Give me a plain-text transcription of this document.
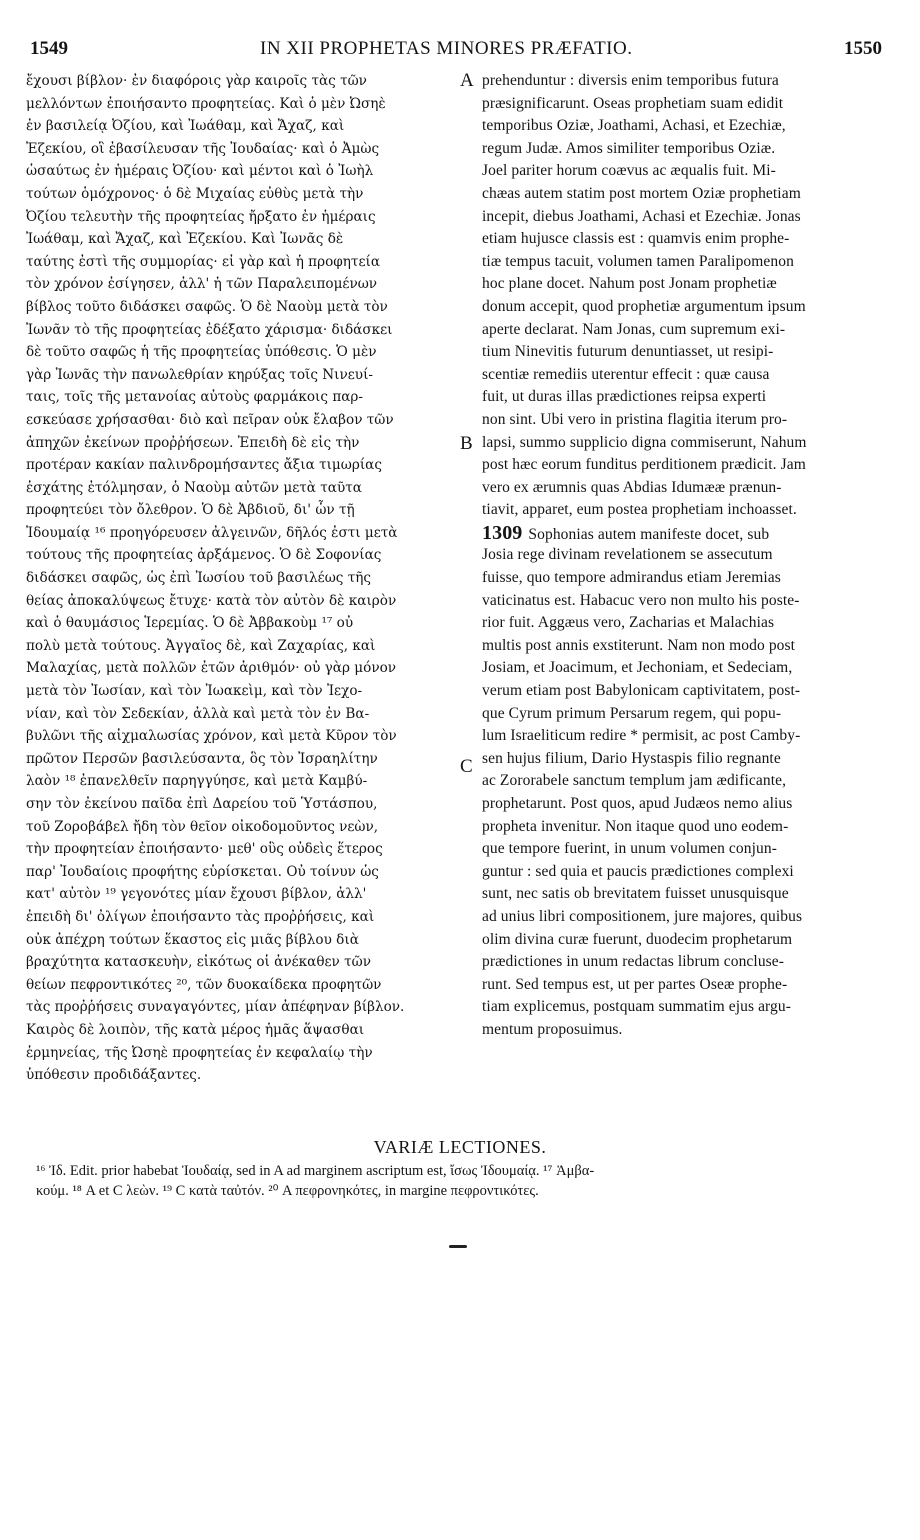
1549	IN XII PROPHETAS MINORES PRÆFATIO.	1550
ἔχουσι βίβλον· ἐν διαφόροις γὰρ καιροῖς τὰς τῶν
μελλόντων ἐποιήσαντο προφητείας. Καὶ ὁ μὲν Ὠσηὲ
ἐν βασιλείᾳ Ὀζίου, καὶ Ἰωάθαμ, καὶ Ἄχαζ, καὶ
Ἐζεκίου, οἳ ἐβασίλευσαν τῆς Ἰουδαίας· καὶ ὁ Ἀμὼς
ὡσαύτως ἐν ἡμέραις Ὀζίου· καὶ μέντοι καὶ ὁ Ἰωὴλ
τούτων ὁμόχρονος· ὁ δὲ Μιχαίας εὐθὺς μετὰ τὴν
Ὀζίου τελευτὴν τῆς προφητείας ἤρξατο ἐν ἡμέραις
Ἰωάθαμ, καὶ Ἄχαζ, καὶ Ἐζεκίου. Καὶ Ἰωνᾶς δὲ
ταύτης ἐστὶ τῆς συμμορίας· εἰ γὰρ καὶ ἡ προφητεία
τὸν χρόνον ἐσίγησεν, ἀλλ' ἡ τῶν Παραλειπομένων
βίβλος τοῦτο διδάσκει σαφῶς. Ὁ δὲ Ναοὺμ μετὰ τὸν
Ἰωνᾶν τὸ τῆς προφητείας ἐδέξατο χάρισμα· διδάσκει
δὲ τοῦτο σαφῶς ἡ τῆς προφητείας ὑπόθεσις. Ὁ μὲν
γὰρ Ἰωνᾶς τὴν πανωλεθρίαν κηρύξας τοῖς Νινευί-
ταις, τοῖς τῆς μετανοίας αὐτοὺς φαρμάκοις παρ-
εσκεύασε χρήσασθαι· διὸ καὶ πεῖραν οὐκ ἔλαβον τῶν
ἀπηχῶν ἐκείνων προῤῥήσεων. Ἐπειδὴ δὲ εἰς τὴν
προτέραν κακίαν παλινδρομήσαντες ἄξια τιμωρίας
ἐσχάτης ἐτόλμησαν, ὁ Ναοὺμ αὐτῶν μετὰ ταῦτα
προφητεύει τὸν ὄλεθρον. Ὁ δὲ Ἀβδιοῦ, δι' ὧν τῇ
Ἰδουμαίᾳ ¹⁶ προηγόρευσεν ἀλγεινῶν, δῆλός ἐστι μετὰ
τούτους τῆς προφητείας ἀρξάμενος. Ὁ δὲ Σοφονίας
διδάσκει σαφῶς, ὡς ἐπὶ Ἰωσίου τοῦ βασιλέως τῆς
θείας ἀποκαλύψεως ἔτυχε· κατὰ τὸν αὐτὸν δὲ καιρὸν
καὶ ὁ θαυμάσιος Ἱερεμίας. Ὁ δὲ Ἀββακοὺμ ¹⁷ οὐ
πολὺ μετὰ τούτους. Ἀγγαῖος δὲ, καὶ Ζαχαρίας, καὶ
Μαλαχίας, μετὰ πολλῶν ἐτῶν ἀριθμόν· οὐ γὰρ μόνον
μετὰ τὸν Ἰωσίαν, καὶ τὸν Ἰωακεὶμ, καὶ τὸν Ἰεχο-
νίαν, καὶ τὸν Σεδεκίαν, ἀλλὰ καὶ μετὰ τὸν ἐν Βα-
βυλῶνι τῆς αἰχμαλωσίας χρόνον, καὶ μετὰ Κῦρον τὸν
πρῶτον Περσῶν βασιλεύσαντα, ὃς τὸν Ἰσραηλίτην
λαὸν ¹⁸ ἐπανελθεῖν παρηγγύησε, καὶ μετὰ Καμβύ-
σην τὸν ἐκείνου παῖδα ἐπὶ Δαρείου τοῦ Ὑστάσπου,
τοῦ Ζοροβάβελ ἤδη τὸν θεῖον οἰκοδομοῦντος νεὼν,
τὴν προφητείαν ἐποιήσαντο· μεθ' οὓς οὐδεὶς ἕτερος
παρ' Ἰουδαίοις προφήτης εὑρίσκεται. Οὐ τοίνυν ὡς
κατ' αὐτὸν ¹⁹ γεγονότες μίαν ἔχουσι βίβλον, ἀλλ'
ἐπειδὴ δι' ὀλίγων ἐποιήσαντο τὰς προῤῥήσεις, καὶ
οὐκ ἀπέχρη τούτων ἕκαστος εἰς μιᾶς βίβλου διὰ
βραχύτητα κατασκευὴν, εἰκότως οἱ ἀνέκαθεν τῶν
θείων πεφροντικότες ²⁰, τῶν δυοκαίδεκα προφητῶν
τὰς προῤῥήσεις συναγαγόντες, μίαν ἀπέφηναν βίβλον.
Καιρὸς δὲ λοιπὸν, τῆς κατὰ μέρος ἡμᾶς ἅψασθαι
ἑρμηνείας, τῆς Ὠσηὲ προφητείας ἐν κεφαλαίῳ τὴν
ὑπόθεσιν προδιδάξαντες.
A
B
C
prehenduntur : diversis enim temporibus futura
præsignificarunt. Oseas prophetiam suam edidit
temporibus Oziæ, Joathami, Achasi, et Ezechiæ,
regum Judæ. Amos similiter temporibus Oziæ.
Joel pariter horum coævus ac æqualis fuit. Mi-
chæas autem statim post mortem Oziæ prophetiam
incepit, diebus Joathami, Achasi et Ezechiæ. Jonas
etiam hujusce classis est : quamvis enim prophe-
tiæ tempus tacuit, volumen tamen Paralipomenon
hoc plane docet. Nahum post Jonam prophetiæ
donum accepit, quod prophetiæ argumentum ipsum
aperte declarat. Nam Jonas, cum supremum exi-
tium Ninevitis futurum denuntiasset, ut resipi-
scentiæ remediis uterentur effecit : quæ causa
fuit, ut duras illas prædictiones reipsa experti
non sint. Ubi vero in pristina flagitia iterum pro-
lapsi, summo supplicio digna commiserunt, Nahum
post hæc eorum funditus perditionem prædicit. Jam
vero ex ærumnis quas Abdias Idumææ prænun-
tiavit, apparet, eum postea prophetiam inchoasset.
1309 Sophonias autem manifeste docet, sub
Josia rege divinam revelationem se assecutum
fuisse, quo tempore admirandus etiam Jeremias
vaticinatus est. Habacuc vero non multo his poste-
rior fuit. Aggæus vero, Zacharias et Malachias
multis post annis exstiterunt. Nam non modo post
Josiam, et Joacimum, et Jechoniam, et Sedeciam,
verum etiam post Babylonicam captivitatem, post-
que Cyrum primum Persarum regem, qui popu-
lum Israeliticum redire * permisit, ac post Camby-
sen hujus filium, Dario Hystaspis filio regnante
ac Zororabele sanctum templum jam ædificante,
prophetarunt. Post quos, apud Judæos nemo alius
propheta invenitur. Non itaque quod uno eodem-
que tempore fuerint, in unum volumen conjun-
guntur : sed quia et paucis prædictiones complexi
sunt, nec satis ob brevitatem fuisset unusquisque
ad unius libri compositionem, jure majores, quibus
olim divina curæ fuerunt, duodecim prophetarum
prædictiones in unum redactas librum concluse-
runt. Sed tempus est, ut per partes Oseæ prophe-
tiam explicemus, postquam summatim ejus argu-
mentum proposuimus.
VARIÆ LECTIONES.
¹⁶ Ἰδ. Edit. prior habebat Ἰουδαίᾳ, sed in A ad marginem ascriptum est, ἴσως Ἰδουμαίᾳ. ¹⁷ Ἀμβα-
κούμ. ¹⁸ A et C λεὼν. ¹⁹ C κατὰ ταὐτόν. ²⁰ A πεφρονηκότες, in margine πεφροντικότες.
